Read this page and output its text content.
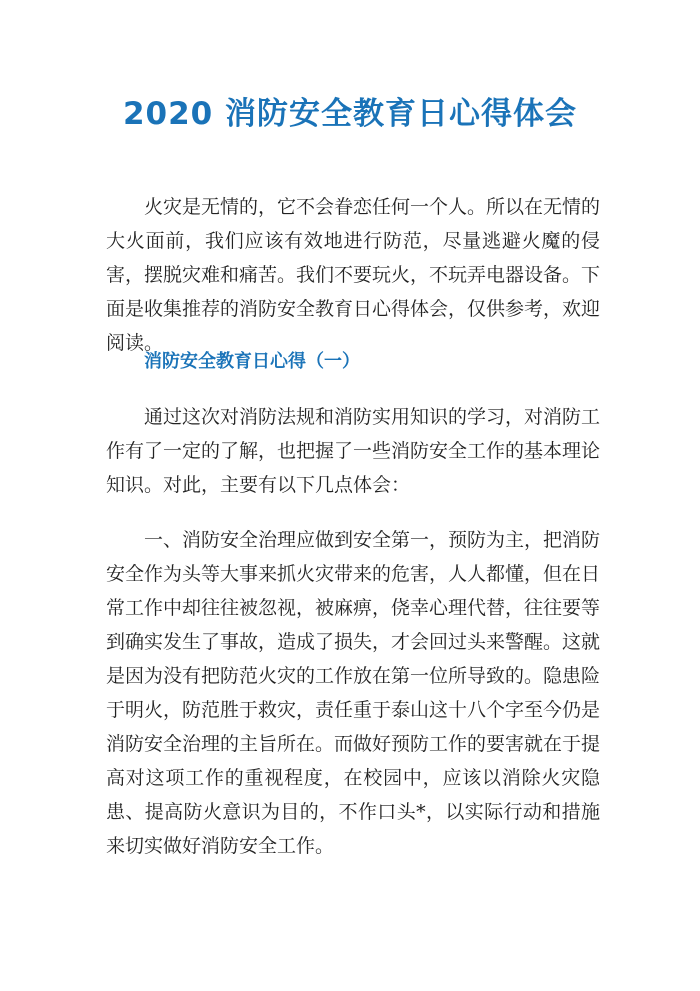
2020 消防安全教育日心得体会

火灾是无情的，它不会眷恋任何一个人。所以在无情的大火面前，我们应该有效地进行防范，尽量逃避火魔的侵害，摆脱灾难和痛苦。我们不要玩火，不玩弄电器设备。下面是收集推荐的消防安全教育日心得体会，仅供参考，欢迎阅读。

消防安全教育日心得（一）

通过这次对消防法规和消防实用知识的学习，对消防工作有了一定的了解，也把握了一些消防安全工作的基本理论知识。对此，主要有以下几点体会：

一、消防安全治理应做到安全第一，预防为主，把消防安全作为头等大事来抓火灾带来的危害，人人都懂，但在日常工作中却往往被忽视，被麻痹，侥幸心理代替，往往要等到确实发生了事故，造成了损失，才会回过头来警醒。这就是因为没有把防范火灾的工作放在第一位所导致的。隐患险于明火，防范胜于救灾，责任重于泰山这十八个字至今仍是消防安全治理的主旨所在。而做好预防工作的要害就在于提高对这项工作的重视程度，在校园中，应该以消除火灾隐患、提高防火意识为目的，不作口头*，以实际行动和措施来切实做好消防安全工作。
